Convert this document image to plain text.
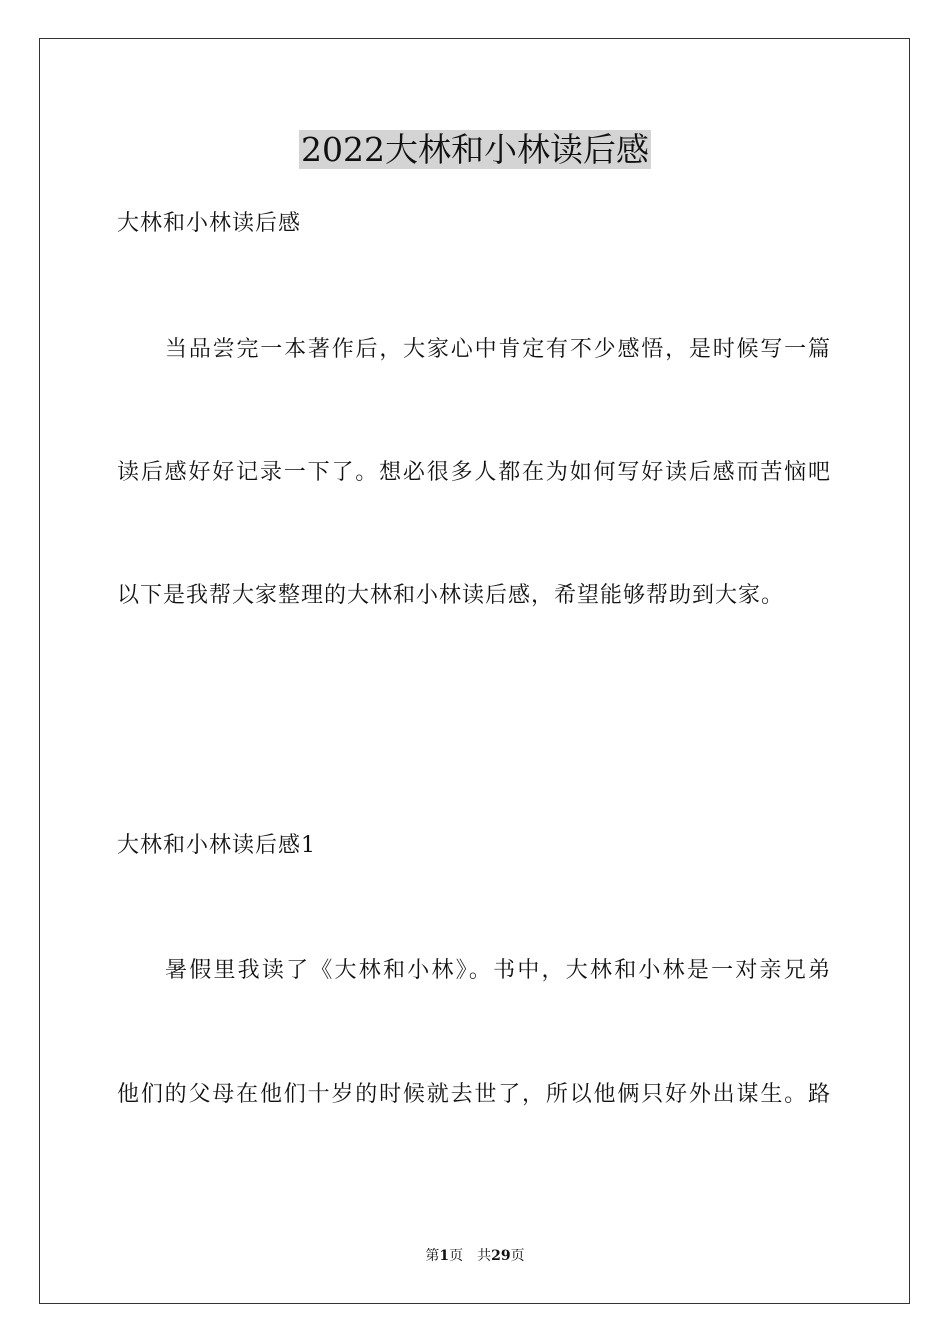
2022大林和小林读后感
大林和小林读后感
当品尝完一本著作后，大家心中肯定有不少感悟，是时候写一篇
读后感好好记录一下了。想必很多人都在为如何写好读后感而苦恼吧
以下是我帮大家整理的大林和小林读后感，希望能够帮助到大家。
大林和小林读后感1
暑假里我读了《大林和小林》。书中，大林和小林是一对亲兄弟
他们的父母在他们十岁的时候就去世了，所以他俩只好外出谋生。路
第1页　共29页
